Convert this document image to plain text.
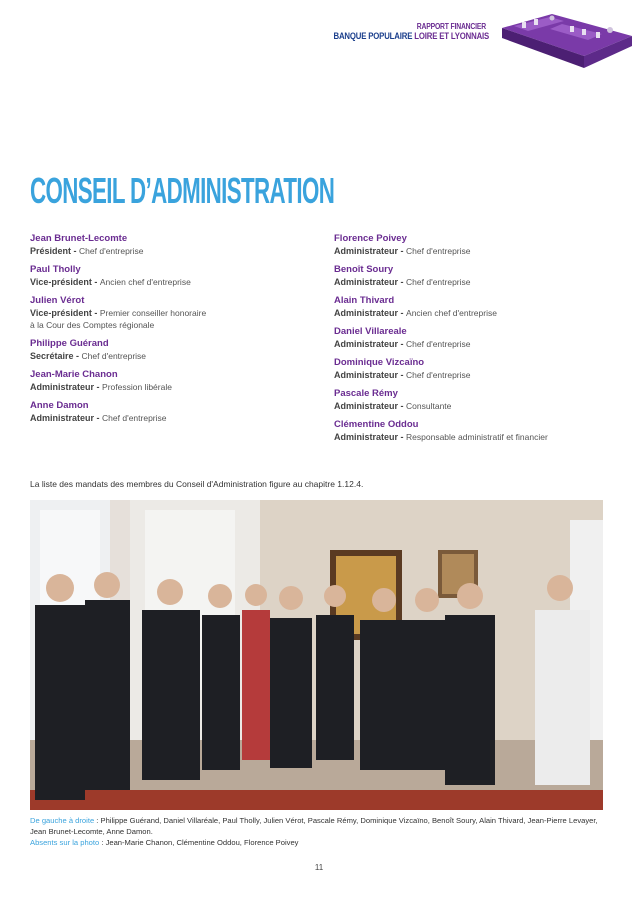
RAPPORT FINANCIER
BANQUE POPULAIRE LOIRE ET LYONNAIS
CONSEIL D’ADMINISTRATION
Jean Brunet-Lecomte
Président - Chef d'entreprise
Paul Tholly
Vice-président - Ancien chef d'entreprise
Julien Vérot
Vice-président - Premier conseiller honoraire
à la Cour des Comptes régionale
Philippe Guérand
Secrétaire - Chef d'entreprise
Jean-Marie Chanon
Administrateur - Profession libérale
Anne Damon
Administrateur - Chef d'entreprise
Florence Poivey
Administrateur - Chef d'entreprise
Benoît Soury
Administrateur - Chef d'entreprise
Alain Thivard
Administrateur - Ancien chef d'entreprise
Daniel Villareale
Administrateur - Chef d'entreprise
Dominique Vizcaïno
Administrateur - Chef d'entreprise
Pascale Rémy
Administrateur - Consultante
Clémentine Oddou
Administrateur - Responsable administratif et financier
La liste des mandats des membres du Conseil d'Administration figure au chapitre 1.12.4.
De gauche à droite : Philippe Guérand, Daniel Villaréale, Paul Tholly, Julien Vérot, Pascale Rémy, Dominique Vizcaïno, Benoît Soury, Alain Thivard, Jean-Pierre Levayer, Jean Brunet-Lecomte, Anne Damon.
Absents sur la photo : Jean-Marie Chanon, Clémentine Oddou, Florence Poivey
11
